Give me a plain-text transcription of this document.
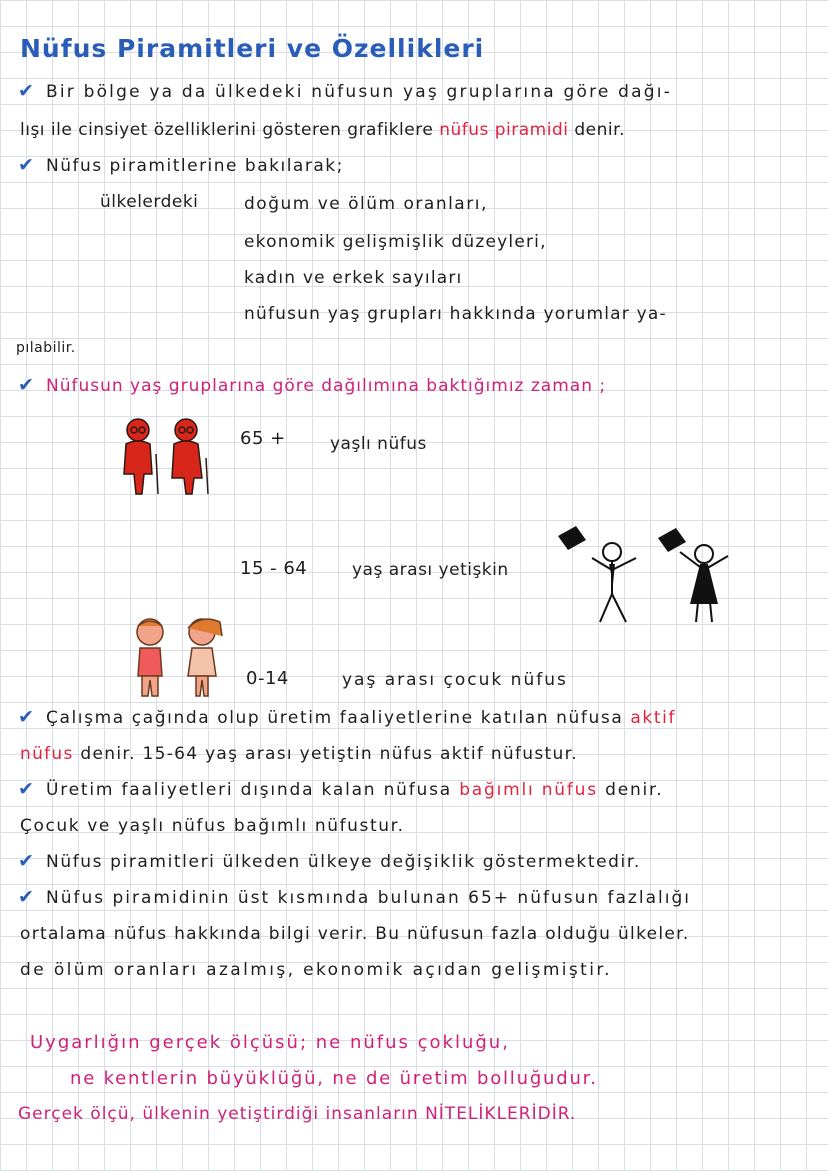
Nüfus Piramitleri ve Özellikleri
✔ Bir bölge ya da ülkedeki nüfusun yaş gruplarına göre dağı-
lışı ile cinsiyet özelliklerini gösteren grafiklere nüfus piramidi denir.
✔ Nüfus piramitlerine bakılarak;
ülkelerdeki	doğum ve ölüm oranları,
ekonomik gelişmişlik düzeyleri,
kadın ve erkek sayıları
nüfusun yaş grupları hakkında yorumlar ya-
pılabilir.
✔ Nüfusun yaş gruplarına göre dağılımına baktığımız zaman ;
65 +	yaşlı nüfus
15 - 64	yaş arası yetişkin
0-14	yaş arası çocuk nüfus
✔ Çalışma çağında olup üretim faaliyetlerine katılan nüfusa aktif
nüfus denir. 15-64 yaş arası yetiştin nüfus aktif nüfustur.
✔ Üretim faaliyetleri dışında kalan nüfusa bağımlı nüfus denir.
Çocuk ve yaşlı nüfus bağımlı nüfustur.
✔ Nüfus piramitleri ülkeden ülkeye değişiklik göstermektedir.
✔ Nüfus piramidinin üst kısmında bulunan 65+ nüfusun fazlalığı
ortalama nüfus hakkında bilgi verir. Bu nüfusun fazla olduğu ülkeler.
de ölüm oranları azalmış, ekonomik açıdan gelişmiştir.
Uygarlığın gerçek ölçüsü; ne nüfus çokluğu,
ne kentlerin büyüklüğü, ne de üretim bolluğudur.
Gerçek ölçü, ülkenin yetiştirdiği insanların NİTELİKLERİDİR.
